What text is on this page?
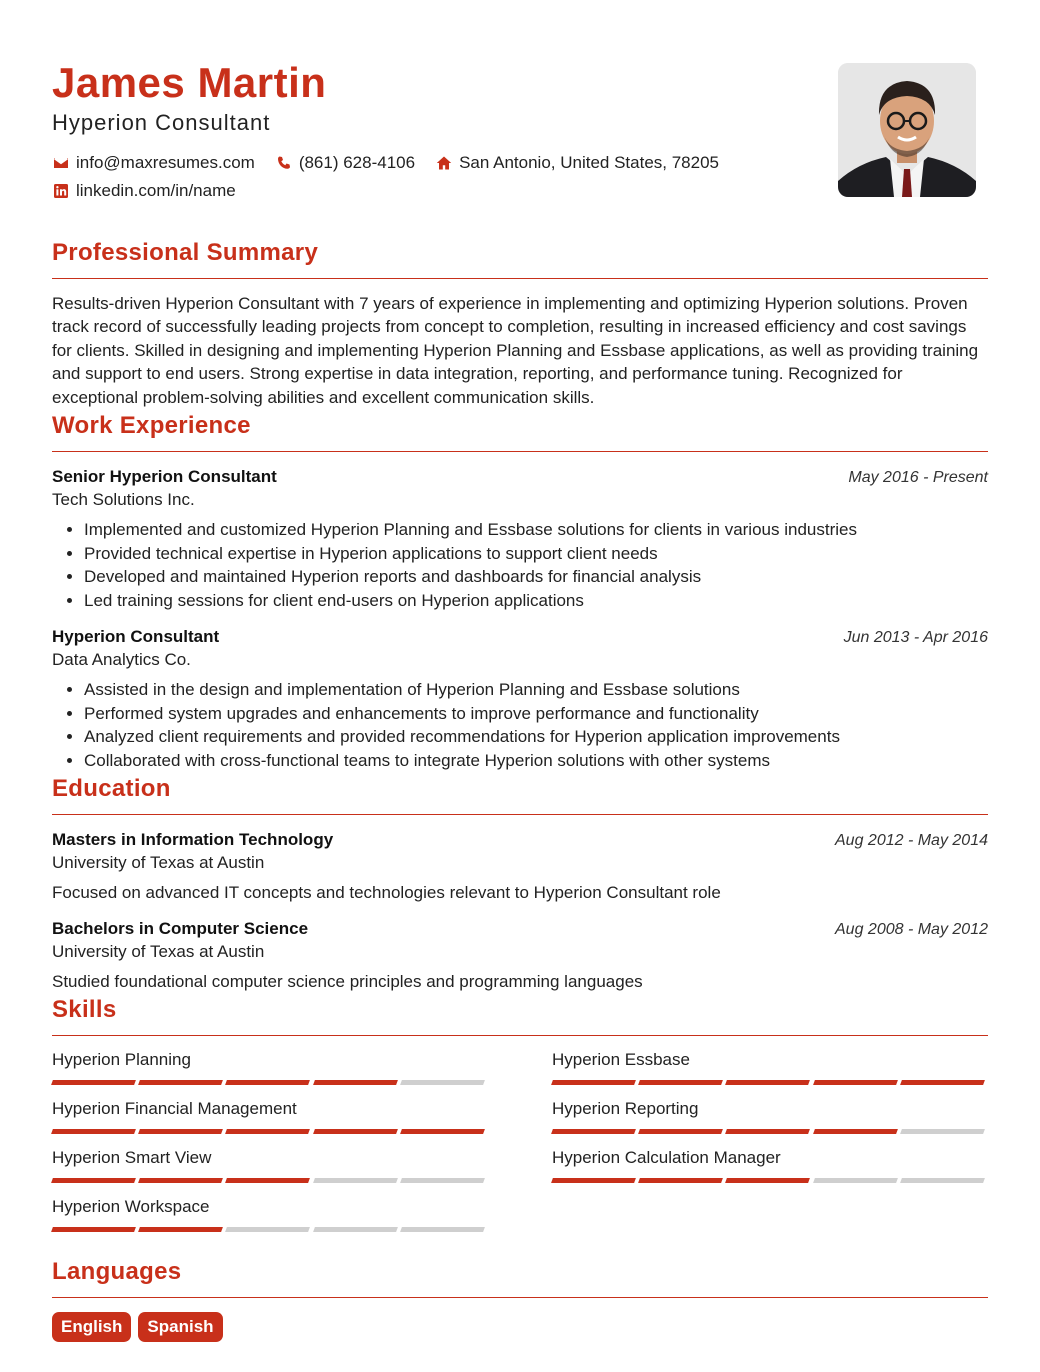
James Martin
Hyperion Consultant
info@maxresumes.com	(861) 628-4106	San Antonio, United States, 78205
linkedin.com/in/name
Professional Summary
Results-driven Hyperion Consultant with 7 years of experience in implementing and optimizing Hyperion solutions. Proven track record of successfully leading projects from concept to completion, resulting in increased efficiency and cost savings for clients. Skilled in designing and implementing Hyperion Planning and Essbase applications, as well as providing training and support to end users. Strong expertise in data integration, reporting, and performance tuning. Recognized for exceptional problem-solving abilities and excellent communication skills.
Work Experience
Senior Hyperion Consultant	May 2016 - Present
Tech Solutions Inc.
• Implemented and customized Hyperion Planning and Essbase solutions for clients in various industries
• Provided technical expertise in Hyperion applications to support client needs
• Developed and maintained Hyperion reports and dashboards for financial analysis
• Led training sessions for client end-users on Hyperion applications
Hyperion Consultant	Jun 2013 - Apr 2016
Data Analytics Co.
• Assisted in the design and implementation of Hyperion Planning and Essbase solutions
• Performed system upgrades and enhancements to improve performance and functionality
• Analyzed client requirements and provided recommendations for Hyperion application improvements
• Collaborated with cross-functional teams to integrate Hyperion solutions with other systems
Education
Masters in Information Technology	Aug 2012 - May 2014
University of Texas at Austin
Focused on advanced IT concepts and technologies relevant to Hyperion Consultant role
Bachelors in Computer Science	Aug 2008 - May 2012
University of Texas at Austin
Studied foundational computer science principles and programming languages
Skills
Hyperion Planning	Hyperion Essbase
Hyperion Financial Management	Hyperion Reporting
Hyperion Smart View	Hyperion Calculation Manager
Hyperion Workspace
Languages
English	Spanish
